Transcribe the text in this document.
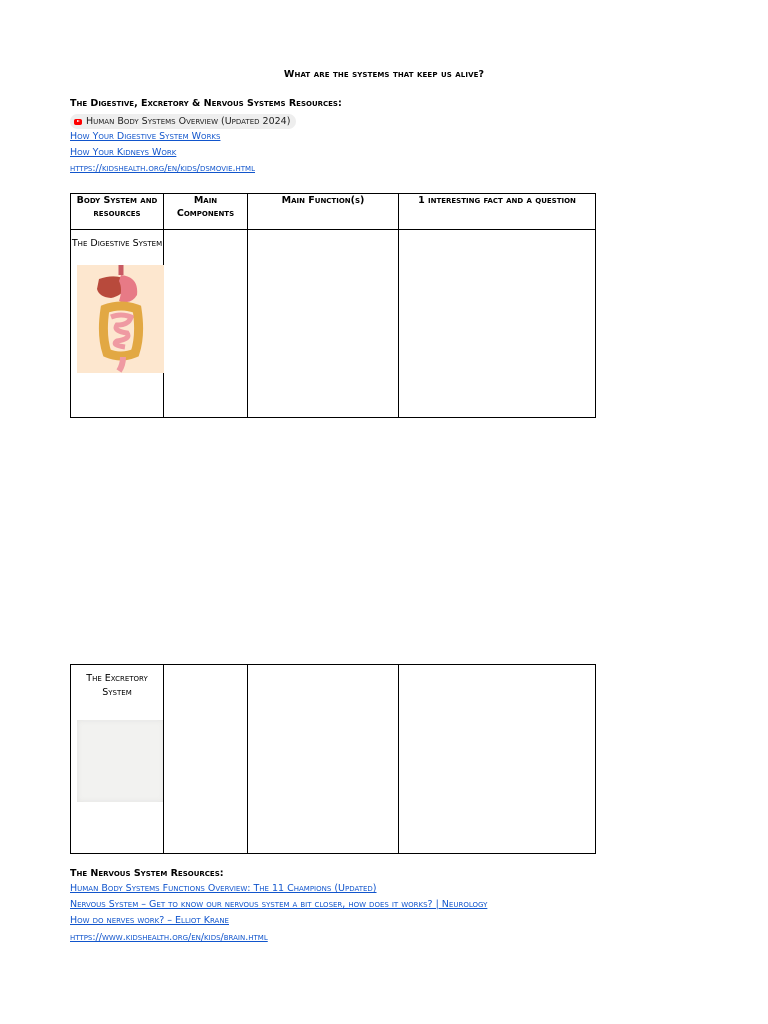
What are the systems that keep us alive?
The Digestive, Excretory & Nervous Systems Resources:
Human Body Systems Overview (Updated 2024)
How Your Digestive System Works
How Your Kidneys Work
https://kidshealth.org/en/kids/dsmovie.html
Body System and resources	Main Components	Main Function(s)	1 interesting fact and a question

The Digestive System			

The Excretory System

The Nervous System Resources:
Human Body Systems Functions Overview: The 11 Champions (Updated)
Nervous System – Get to know our nervous system a bit closer, how does it works? | Neurology
How do nerves work? – Elliot Krane
https://www.kidshealth.org/en/kids/brain.html
